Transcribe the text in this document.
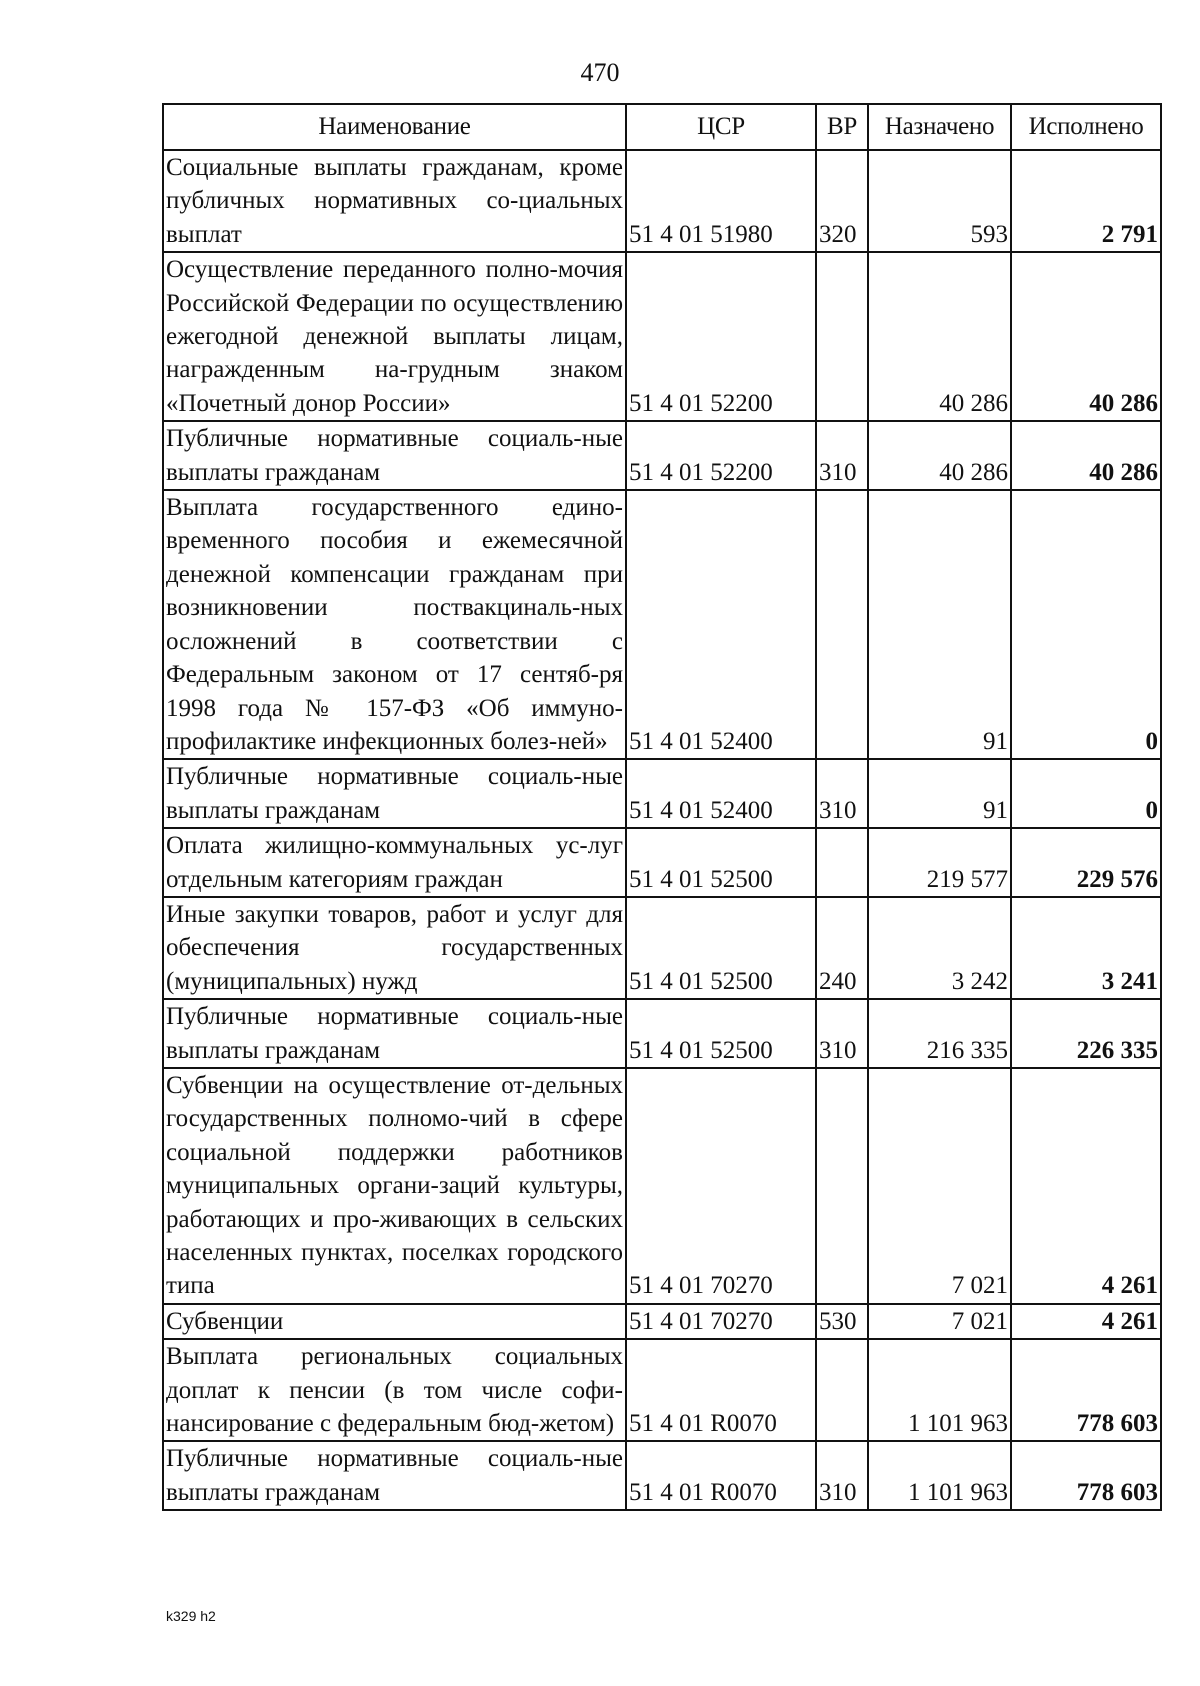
470
Наименование	ЦСР	ВР	Назначено	Исполнено
Социальные выплаты гражданам, кроме публичных нормативных со-циальных выплат	51 4 01 51980	320	593	2 791
Осуществление переданного полно-мочия Российской Федерации по осуществлению ежегодной денежной выплаты лицам, награжденным на-грудным знаком «Почетный донор России»	51 4 01 52200		40 286	40 286
Публичные нормативные социаль-ные выплаты гражданам	51 4 01 52200	310	40 286	40 286
Выплата государственного едино-временного пособия и ежемесячной денежной компенсации гражданам при возникновении поствакциналь-ных осложнений в соответствии с Федеральным законом от 17 сентяб-ря 1998 года № 157-ФЗ «Об иммуно-профилактике инфекционных болез-ней»	51 4 01 52400		91	0
Публичные нормативные социаль-ные выплаты гражданам	51 4 01 52400	310	91	0
Оплата жилищно-коммунальных ус-луг отдельным категориям граждан	51 4 01 52500		219 577	229 576
Иные закупки товаров, работ и услуг для обеспечения государственных (муниципальных) нужд	51 4 01 52500	240	3 242	3 241
Публичные нормативные социаль-ные выплаты гражданам	51 4 01 52500	310	216 335	226 335
Субвенции на осуществление от-дельных государственных полномо-чий в сфере социальной поддержки работников муниципальных органи-заций культуры, работающих и про-живающих в сельских населенных пунктах, поселках городского типа	51 4 01 70270		7 021	4 261
Субвенции	51 4 01 70270	530	7 021	4 261
Выплата региональных социальных доплат к пенсии (в том числе софи-нансирование с федеральным бюд-жетом)	51 4 01 R0070		1 101 963	778 603
Публичные нормативные социаль-ные выплаты гражданам	51 4 01 R0070	310	1 101 963	778 603
k329 h2
